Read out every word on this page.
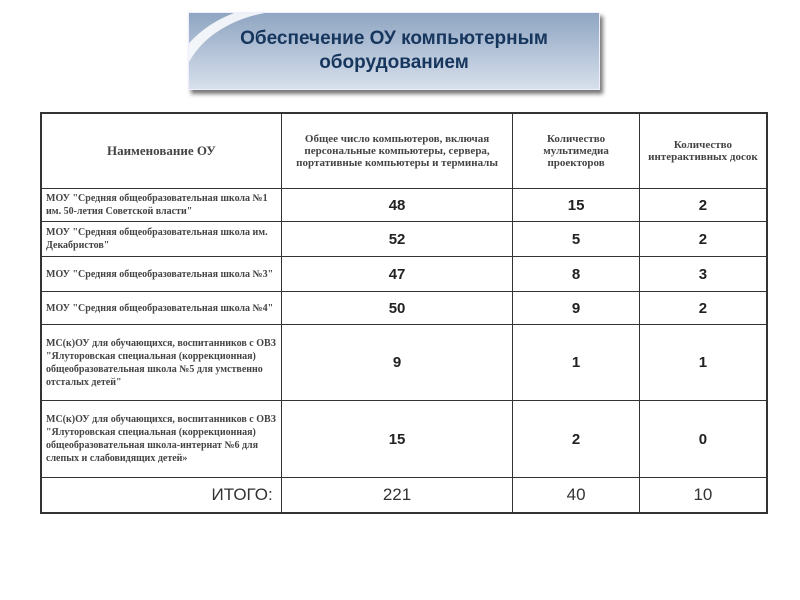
Обеспечение ОУ компьютерным оборудованием
Наименование ОУ	Общее число компьютеров, включая персональные компьютеры, сервера, портативные компьютеры и терминалы	Количество мультимедиа проекторов	Количество интерактивных досок
МОУ "Средняя общеобразовательная школа №1 им. 50-летия Советской власти"	48	15	2
МОУ "Средняя общеобразовательная школа им. Декабристов"	52	5	2
МОУ "Средняя общеобразовательная школа №3"	47	8	3
МОУ "Средняя общеобразовательная школа №4"	50	9	2
МС(к)ОУ для обучающихся, воспитанников с ОВЗ "Ялуторовская специальная (коррекционная) общеобразовательная школа №5 для умственно отсталых детей"	9	1	1
МС(к)ОУ для обучающихся, воспитанников с ОВЗ "Ялуторовская специальная (коррекционная) общеобразовательная школа-интернат №6 для слепых и слабовидящих детей»	15	2	0
ИТОГО:	221	40	10
